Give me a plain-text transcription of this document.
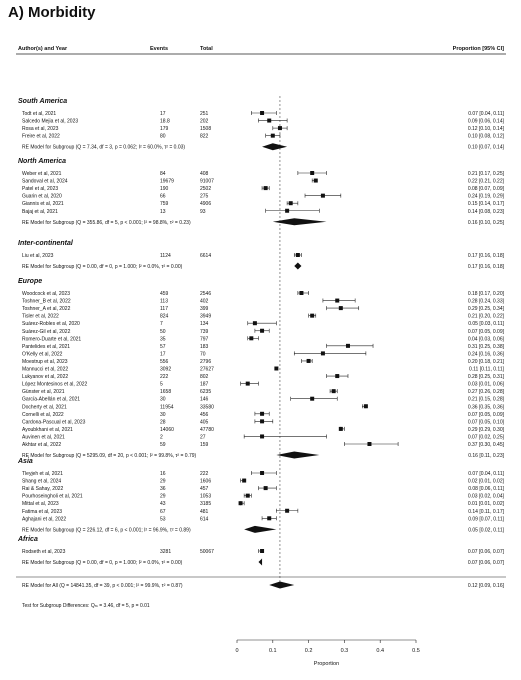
A) Morbidity
Author(s) and Year	Events	Total	Proportion [95% CI]
South America
Todt et al, 2021	17	251	0.07 [0.04, 0.11]
Salcedo Mejia et al, 2023	18.8	202	0.09 [0.06, 0.14]
Rosa et al, 2023	179	1508	0.12 [0.10, 0.14]
Freire et al, 2022	80	822	0.10 [0.08, 0.12]
RE Model for Subgroup (Q = 7.34, df = 3, p = 0.062; I² = 60.0%, τ² = 0.03)	0.10 [0.07, 0.14]
North America
Weber et al, 2021	84	408	0.21 [0.17, 0.25]
Sandoval et al, 2024	19679	91007	0.22 [0.21, 0.22]
Patel et al, 2023	190	2502	0.08 [0.07, 0.09]
Guarin et al, 2020	66	275	0.24 [0.19, 0.29]
Giannis et al, 2021	759	4906	0.15 [0.14, 0.17]
Bajaj et al, 2021	13	93	0.14 [0.08, 0.23]
RE Model for Subgroup (Q = 355.86, df = 5, p < 0.001; I² = 98.8%, τ² = 0.23)	0.16 [0.10, 0.25]
Inter-continental
Liu et al, 2023	1124	6614	0.17 [0.16, 0.18]
RE Model for Subgroup (Q = 0.00, df = 0, p = 1.000; I² = 0.0%, τ² = 0.00)	0.17 [0.16, 0.18]
Europe
Woodcock et al, 2023	459	2546	0.18 [0.17, 0.20]
Toshner_B et al, 2022	113	402	0.28 [0.24, 0.33]
Toshner_A et al, 2022	117	399	0.29 [0.25, 0.34]
Tisler et al, 2022	824	3949	0.21 [0.20, 0.22]
Suárez-Robles et al, 2020	7	134	0.05 [0.03, 0.11]
Suárez-Gil et al, 2022	50	739	0.07 [0.05, 0.09]
Romero-Duarte et al, 2021	35	797	0.04 [0.03, 0.06]
Pantelides et al, 2021	57	183	0.31 [0.25, 0.38]
O'Kelly et al, 2022	17	70	0.24 [0.16, 0.36]
Moestrup et al, 2023	556	2796	0.20 [0.18, 0.21]
Mannucci et al, 2022	3092	27627	0.11 [0.11, 0.11]
Lukyanov et al, 2022	222	802	0.28 [0.25, 0.31]
López Montesinos et al, 2022	5	187	0.03 [0.01, 0.06]
Günster et al, 2021	1658	6235	0.27 [0.26, 0.28]
García-Abellán et al, 2021	30	146	0.21 [0.15, 0.28]
Docherty et al, 2021	11954	33580	0.36 [0.35, 0.36]
Cornelli et al, 2022	30	456	0.07 [0.05, 0.09]
Cardona-Pascual et al, 2023	28	405	0.07 [0.05, 0.10]
Ayoubkhani et al, 2021	14060	47780	0.29 [0.29, 0.30]
Auvinen et al, 2021	2	27	0.07 [0.02, 0.25]
Akhtar et al, 2022	59	159	0.37 [0.30, 0.45]
RE Model for Subgroup (Q = 5295.09, df = 20, p < 0.001; I² = 99.8%, τ² = 0.79)	0.16 [0.11, 0.23]
Asia
Tleyjeh et al, 2021	16	222	0.07 [0.04, 0.11]
Shang et al, 2024	29	1606	0.02 [0.01, 0.02]
Rai & Sahay, 2022	36	457	0.08 [0.06, 0.11]
Pourhoseingholi et al, 2021	29	1053	0.03 [0.02, 0.04]
Mittal et al, 2023	43	3185	0.01 [0.01, 0.02]
Fatima et al, 2023	67	481	0.14 [0.11, 0.17]
Aghajani et al, 2022	53	614	0.09 [0.07, 0.11]
RE Model for Subgroup (Q = 226.12, df = 6, p < 0.001; I² = 96.9%, τ² = 0.89)	0.05 [0.02, 0.11]
Africa
Rodseth et al, 2023	3281	50067	0.07 [0.06, 0.07]
RE Model for Subgroup (Q = 0.00, df = 0, p = 1.000; I² = 0.0%, τ² = 0.00)	0.07 [0.06, 0.07]
RE Model for All (Q = 14841.35, df = 39, p < 0.001; I² = 99.9%, τ² = 0.87)	0.12 [0.09, 0.16]
Test for Subgroup Differences: Qₘ = 3.46, df = 5, p = 0.01
0	0.1	0.2	0.3	0.4	0.5
Proportion
